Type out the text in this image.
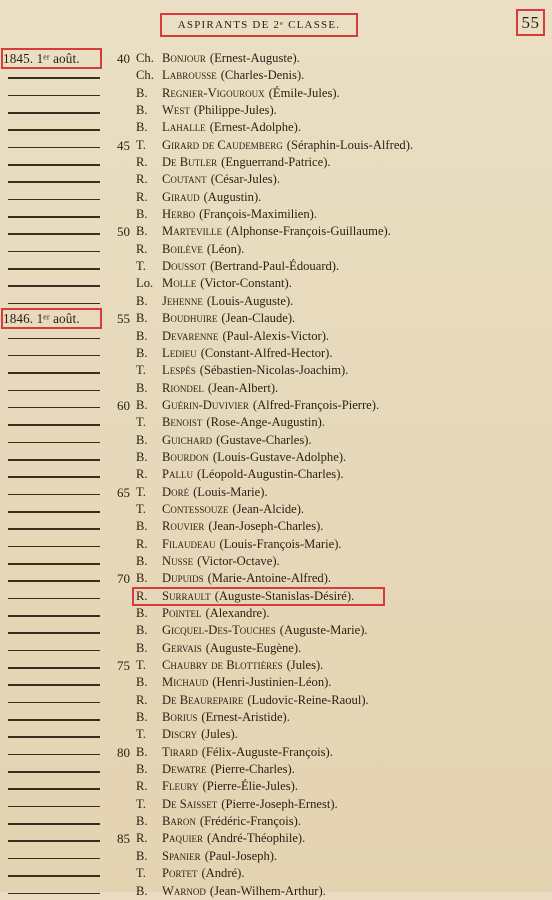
ASPIRANTS DE 2ᵉ CLASSE.	55
1845. 1ᵉʳ août.	40 Ch. Bonjour (Ernest-Auguste).
Ch. Labrousse (Charles-Denis).
B.	Regnier-Vigouroux (Émile-Jules).
B.	West (Philippe-Jules).
B.	Lahalle (Ernest-Adolphe).
45 T.	Girard de Caudemberg (Séraphin-Louis-Alfred).
R.	De Butler (Enguerrand-Patrice).
R.	Coutant (César-Jules).
R.	Giraud (Augustin).
B.	Herbo (François-Maximilien).
50 B.	Marteville (Alphonse-François-Guillaume).
R.	Boilève (Léon).
T.	Doussot (Bertrand-Paul-Édouard).
Lo. Molle (Victor-Constant).
B.	Jehenne (Louis-Auguste).
1846. 1ᵉʳ août.	55 B.	Boudhuire (Jean-Claude).
B.	Devarenne (Paul-Alexis-Victor).
B.	Ledieu (Constant-Alfred-Hector).
T.	Lespès (Sébastien-Nicolas-Joachim).
B.	Riondel (Jean-Albert).
60 B.	Guérin-Duvivier (Alfred-François-Pierre).
T.	Benoist (Rose-Ange-Augustin).
B.	Guichard (Gustave-Charles).
B.	Bourdon (Louis-Gustave-Adolphe).
R.	Pallu (Léopold-Augustin-Charles).
65 T.	Doré (Louis-Marie).
T.	Contessouze (Jean-Alcide).
B.	Rouvier (Jean-Joseph-Charles).
R.	Filaudeau (Louis-François-Marie).
B.	Nusse (Victor-Octave).
70 B.	Dupuids (Marie-Antoine-Alfred).
R.	Surrault (Auguste-Stanislas-Désiré).
B.	Pointel (Alexandre).
B.	Gicquel-Des-Touches (Auguste-Marie).
B.	Gervais (Auguste-Eugène).
75 T.	Chaubry de Blottières (Jules).
B.	Michaud (Henri-Justinien-Léon).
R.	De Beaurepaire (Ludovic-Reine-Raoul).
B.	Borius (Ernest-Aristide).
T.	Discry (Jules).
80 B.	Tirard (Félix-Auguste-François).
B.	Dewatre (Pierre-Charles).
R.	Fleury (Pierre-Élie-Jules).
T.	De Saisset (Pierre-Joseph-Ernest).
B.	Baron (Frédéric-François).
85 R.	Paquier (André-Théophile).
B.	Spanier (Paul-Joseph).
T.	Portet (André).
B.	Warnod (Jean-Wilhem-Arthur).
